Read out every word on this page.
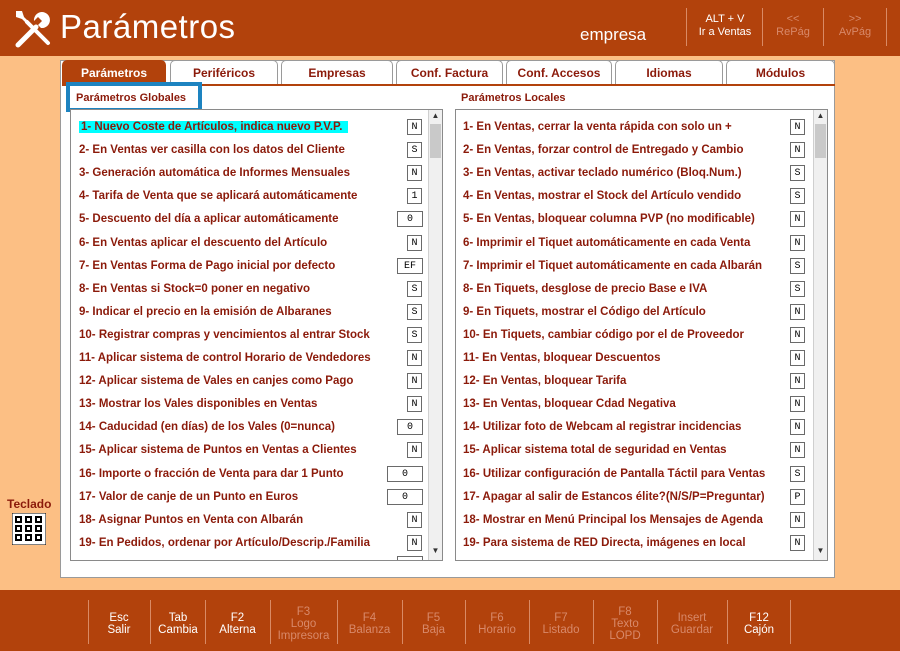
Parámetros	empresa
ALT + V
Ir a Ventas
<<
RePág
>>
AvPág
Parámetros	Periféricos	Empresas	Conf. Factura	Conf. Accesos	Idiomas	Módulos
Parámetros Globales	Parámetros Locales
1- Nuevo Coste de Artículos, indica nuevo P.V.P.	N
2- En Ventas ver casilla con los datos del Cliente	S
3- Generación automática de Informes Mensuales	N
4- Tarifa de Venta que se aplicará automáticamente	1
5- Descuento del día a aplicar automáticamente	0
6- En Ventas aplicar el descuento del Artículo	N
7- En Ventas Forma de Pago inicial por defecto	EF
8- En Ventas si Stock=0 poner en negativo	S
9- Indicar el precio en la emisión de Albaranes	S
10- Registrar compras y vencimientos al entrar Stock	S
11- Aplicar sistema de control Horario de Vendedores	N
12- Aplicar sistema de Vales en canjes como Pago	N
13- Mostrar los Vales disponibles en Ventas	N
14- Caducidad (en días) de los Vales (0=nunca)	0
15- Aplicar sistema de Puntos en Ventas a Clientes	N
16- Importe o fracción de Venta para dar 1 Punto	0
17- Valor de canje de un Punto en Euros	0
18- Asignar Puntos en Venta con Albarán	N
19- En Pedidos, ordenar por Artículo/Descrip./Familia	N
▲
▼
1- En Ventas, cerrar la venta rápida con solo un +	N
2- En Ventas, forzar control de Entregado y Cambio	N
3- En Ventas, activar teclado numérico (Bloq.Num.)	S
4- En Ventas, mostrar el Stock del Artículo vendido	S
5- En Ventas, bloquear columna PVP (no modificable)	N
6- Imprimir el Tiquet automáticamente en cada Venta	N
7- Imprimir el Tiquet automáticamente en cada Albarán	S
8- En Tiquets, desglose de precio Base e IVA	S
9- En Tiquets, mostrar el Código del Artículo	N
10- En Tiquets, cambiar código por el de Proveedor	N
11- En Ventas, bloquear Descuentos	N
12- En Ventas, bloquear Tarifa	N
13- En Ventas, bloquear Cdad Negativa	N
14- Utilizar foto de Webcam al registrar incidencias	N
15- Aplicar sistema total de seguridad en Ventas	N
16- Utilizar configuración de Pantalla Táctil para Ventas	S
17- Apagar al salir de Estancos élite?(N/S/P=Preguntar)	P
18- Mostrar en Menú Principal los Mensajes de Agenda	N
19- Para sistema de RED Directa, imágenes en local	N
▲
▼
Teclado
Esc
Salir
Tab
Cambia
F2
Alterna
F3
Logo
Impresora
F4
Balanza
F5
Baja
F6
Horario
F7
Listado
F8
Texto
LOPD
Insert
Guardar
F12
Cajón
